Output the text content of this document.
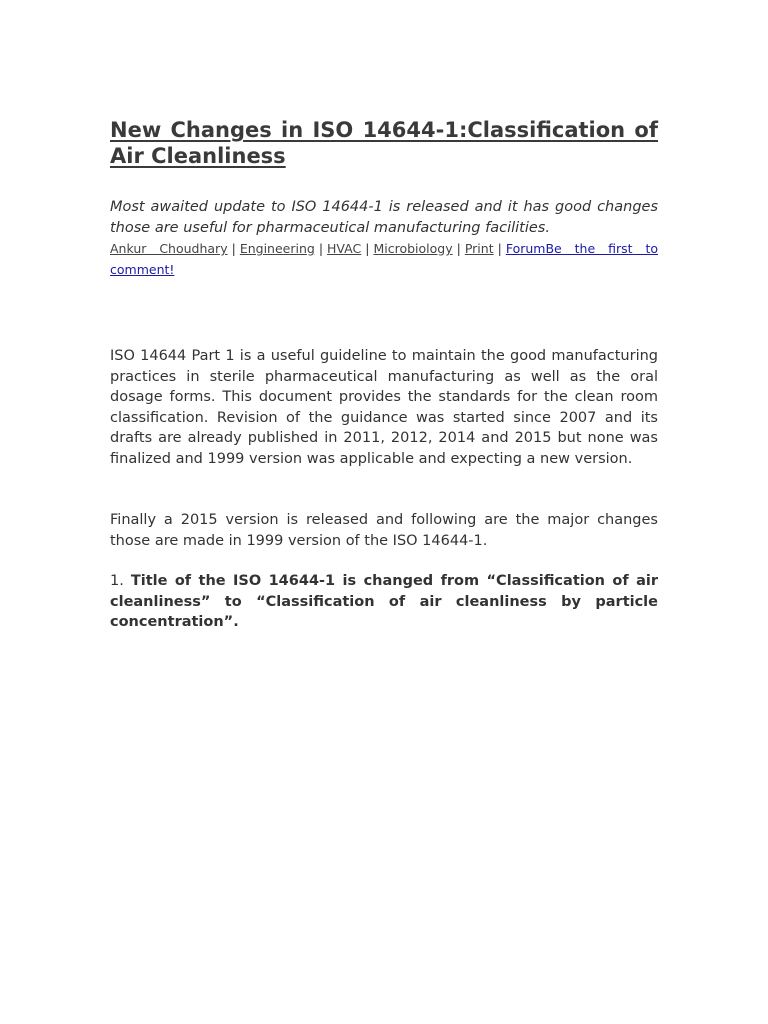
New Changes in ISO 14644-1:Classification of Air Cleanliness

Most awaited update to ISO 14644-1 is released and it has good changes those are useful for pharmaceutical manufacturing facilities.

Ankur Choudhary | Engineering | HVAC | Microbiology | Print | ForumBe the first to comment!

ISO 14644 Part 1 is a useful guideline to maintain the good manufacturing practices in sterile pharmaceutical manufacturing as well as the oral dosage forms. This document provides the standards for the clean room classification. Revision of the guidance was started since 2007 and its drafts are already published in 2011, 2012, 2014 and 2015 but none was finalized and 1999 version was applicable and expecting a new version.

Finally a 2015 version is released and following are the major changes those are made in 1999 version of the ISO 14644-1.

1. Title of the ISO 14644-1 is changed from “Classification of air cleanliness” to “Classification of air cleanliness by particle concentration”.
